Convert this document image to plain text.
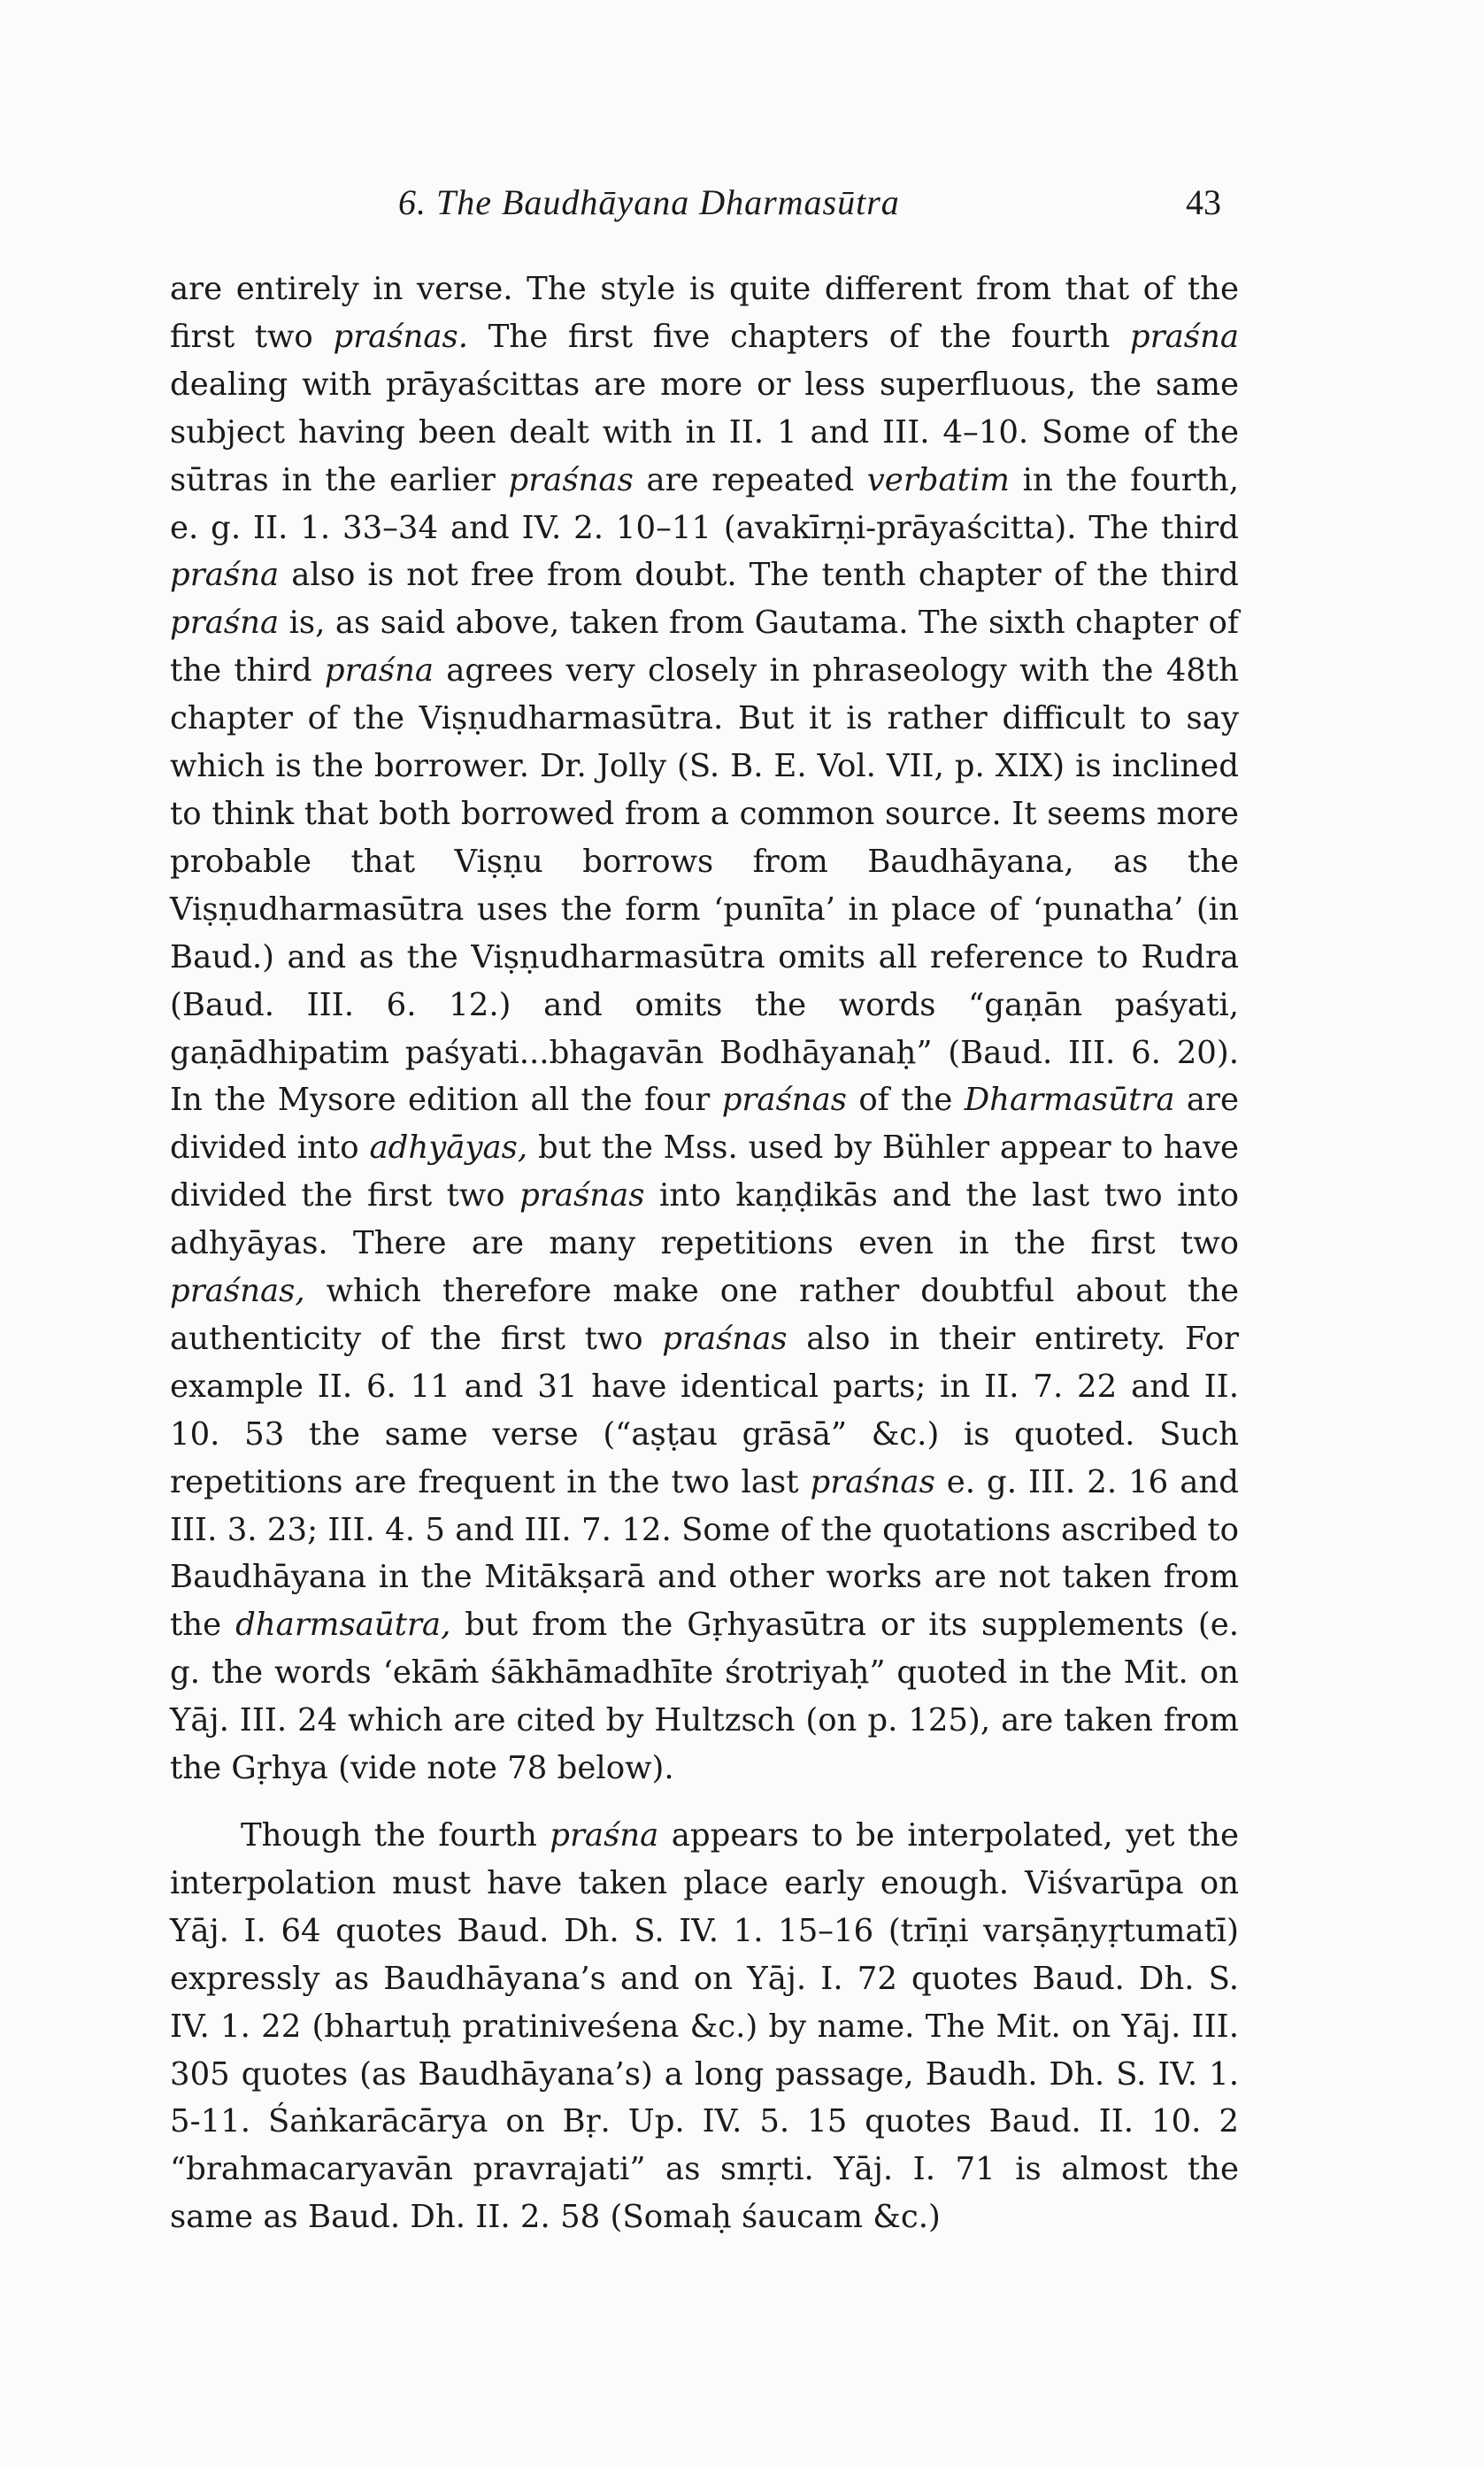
6. The Baudhāyana Dharmasūtra	43

are entirely in verse. The style is quite different from that of the first two praśnas. The first five chapters of the fourth praśna dealing with prāyaścittas are more or less superfluous, the same subject having been dealt with in II. 1 and III. 4–10. Some of the sūtras in the earlier praśnas are repeated verbatim in the fourth, e. g. II. 1. 33–34 and IV. 2. 10–11 (avakīrṇi-prāyaścitta). The third praśna also is not free from doubt. The tenth chapter of the third praśna is, as said above, taken from Gautama. The sixth chapter of the third praśna agrees very closely in phraseology with the 48th chapter of the Viṣṇudharmasūtra. But it is rather difficult to say which is the borrower. Dr. Jolly (S. B. E. Vol. VII, p. XIX) is inclined to think that both borrowed from a common source. It seems more probable that Viṣṇu borrows from Baudhāyana, as the Viṣṇudharmasūtra uses the form ‘punīta’ in place of ‘punatha’ (in Baud.) and as the Viṣṇudharmasūtra omits all reference to Rudra (Baud. III. 6. 12.) and omits the words “gaṇān paśyati, gaṇādhipatim paśyati...bhagavān Bodhāyanaḥ” (Baud. III. 6. 20). In the Mysore edition all the four praśnas of the Dharmasūtra are divided into adhyāyas, but the Mss. used by Bühler appear to have divided the first two praśnas into kaṇḍikās and the last two into adhyāyas. There are many repetitions even in the first two praśnas, which therefore make one rather doubtful about the authenticity of the first two praśnas also in their entirety. For example II. 6. 11 and 31 have identical parts; in II. 7. 22 and II. 10. 53 the same verse (“aṣṭau grāsā” &c.) is quoted. Such repetitions are frequent in the two last praśnas e. g. III. 2. 16 and III. 3. 23; III. 4. 5 and III. 7. 12. Some of the quotations ascribed to Baudhāyana in the Mitākṣarā and other works are not taken from the dharmsaūtra, but from the Gṛhyasūtra or its supplements (e. g. the words ‘ekāṁ śākhāmadhīte śrotriyaḥ” quoted in the Mit. on Yāj. III. 24 which are cited by Hultzsch (on p. 125), are taken from the Gṛhya (vide note 78 below).

Though the fourth praśna appears to be interpolated, yet the interpolation must have taken place early enough. Viśvarūpa on Yāj. I. 64 quotes Baud. Dh. S. IV. 1. 15–16 (trīṇi varṣāṇyṛtumatī) expressly as Baudhāyana’s and on Yāj. I. 72 quotes Baud. Dh. S. IV. 1. 22 (bhartuḥ pratiniveśena &c.) by name. The Mit. on Yāj. III. 305 quotes (as Baudhāyana’s) a long passage, Baudh. Dh. S. IV. 1. 5-11. Śaṅkarācārya on Bṛ. Up. IV. 5. 15 quotes Baud. II. 10. 2 “brahmacaryavān pravrajati” as smṛti. Yāj. I. 71 is almost the same as Baud. Dh. II. 2. 58 (Somaḥ śaucam &c.)
